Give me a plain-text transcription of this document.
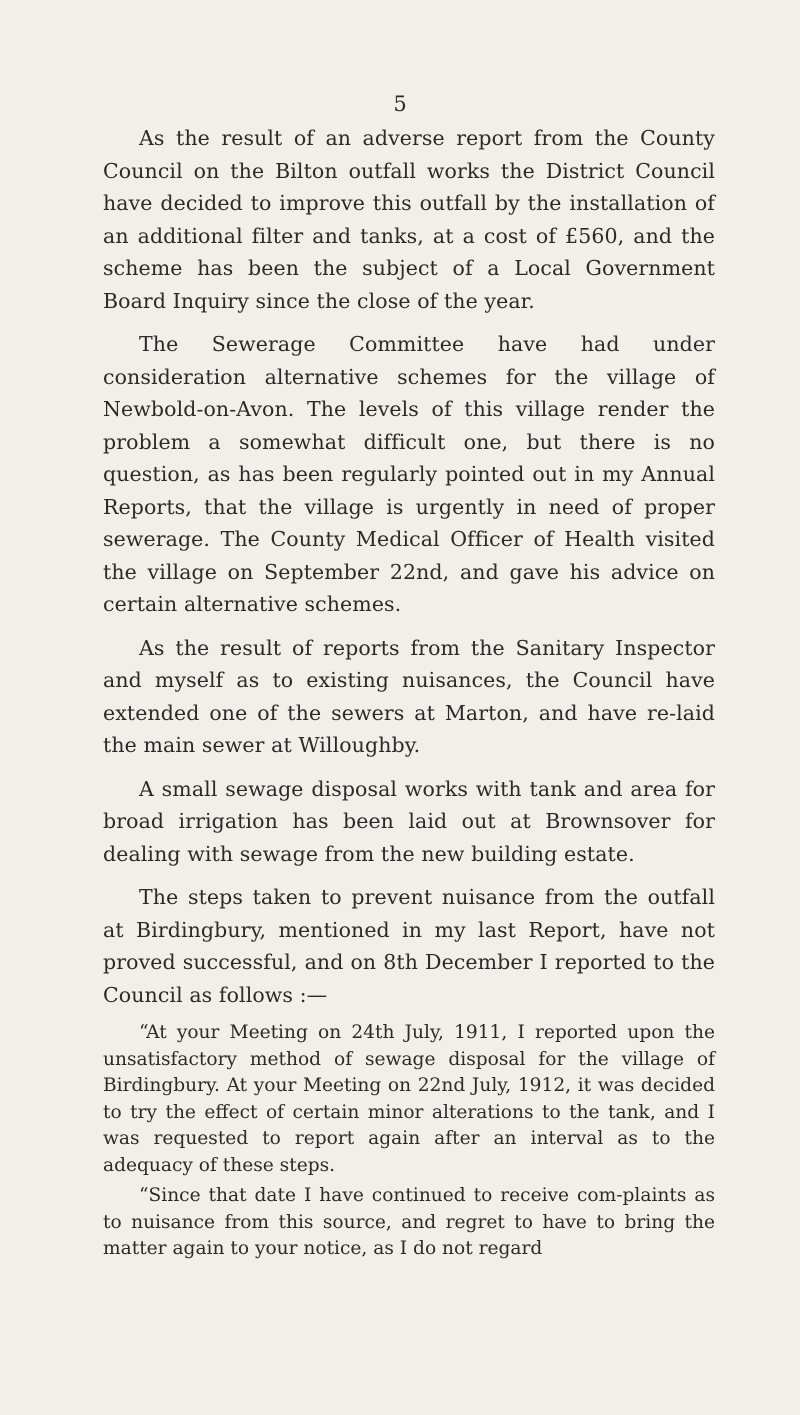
5

As the result of an adverse report from the County Council on the Bilton outfall works the District Council have decided to improve this outfall by the installation of an additional filter and tanks, at a cost of £560, and the scheme has been the subject of a Local Government Board Inquiry since the close of the year.

The Sewerage Committee have had under consideration alternative schemes for the village of Newbold-on-Avon. The levels of this village render the problem a somewhat difficult one, but there is no question, as has been regularly pointed out in my Annual Reports, that the village is urgently in need of proper sewerage. The County Medical Officer of Health visited the village on September 22nd, and gave his advice on certain alternative schemes.

As the result of reports from the Sanitary Inspector and myself as to existing nuisances, the Council have extended one of the sewers at Marton, and have re-laid the main sewer at Willoughby.

A small sewage disposal works with tank and area for broad irrigation has been laid out at Brownsover for dealing with sewage from the new building estate.

The steps taken to prevent nuisance from the outfall at Birdingbury, mentioned in my last Report, have not proved successful, and on 8th December I reported to the Council as follows :—

“At your Meeting on 24th July, 1911, I reported upon the unsatisfactory method of sewage disposal for the village of Birdingbury. At your Meeting on 22nd July, 1912, it was decided to try the effect of certain minor alterations to the tank, and I was requested to report again after an interval as to the adequacy of these steps.

“Since that date I have continued to receive com-plaints as to nuisance from this source, and regret to have to bring the matter again to your notice, as I do not regard
